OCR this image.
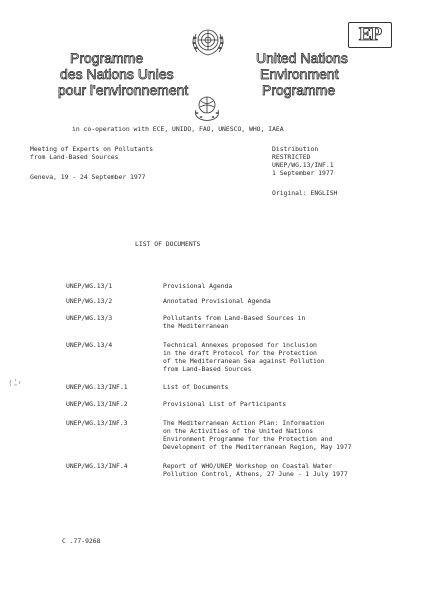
EP
Programme
des Nations Unies
pour l'environnement
United Nations
Environment
Programme
in co-operation with ECE, UNIDO, FAO, UNESCO, WHO, IAEA
Meeting of Experts on Pollutants
from Land-Based Sources
Geneva, 19 - 24 September 1977
Distribution
RESTRICTED
UNEP/WG.13/INF.1
1 September 1977
Original: ENGLISH
LIST OF DOCUMENTS
UNEP/WG.13/1	Provisional Agenda
UNEP/WG.13/2	Annotated Provisional Agenda
UNEP/WG.13/3	Pollutants from Land-Based Sources in
the Mediterranean
UNEP/WG.13/4	Technical Annexes proposed for inclusion
in the draft Protocol for the Protection
of the Mediterranean Sea against Pollution
from Land-Based Sources
UNEP/WG.13/INF.1	List of Documents
UNEP/WG.13/INF.2	Provisional List of Participants
UNEP/WG.13/INF.3	The Mediterranean Action Plan: Information
on the Activities of the United Nations
Environment Programme for the Protection and
Development of the Mediterranean Region, May 1977
UNEP/WG.13/INF.4	Report of WHO/UNEP Workshop on Coastal Water
Pollution Control, Athens, 27 June - 1 July 1977
C .77-9268
